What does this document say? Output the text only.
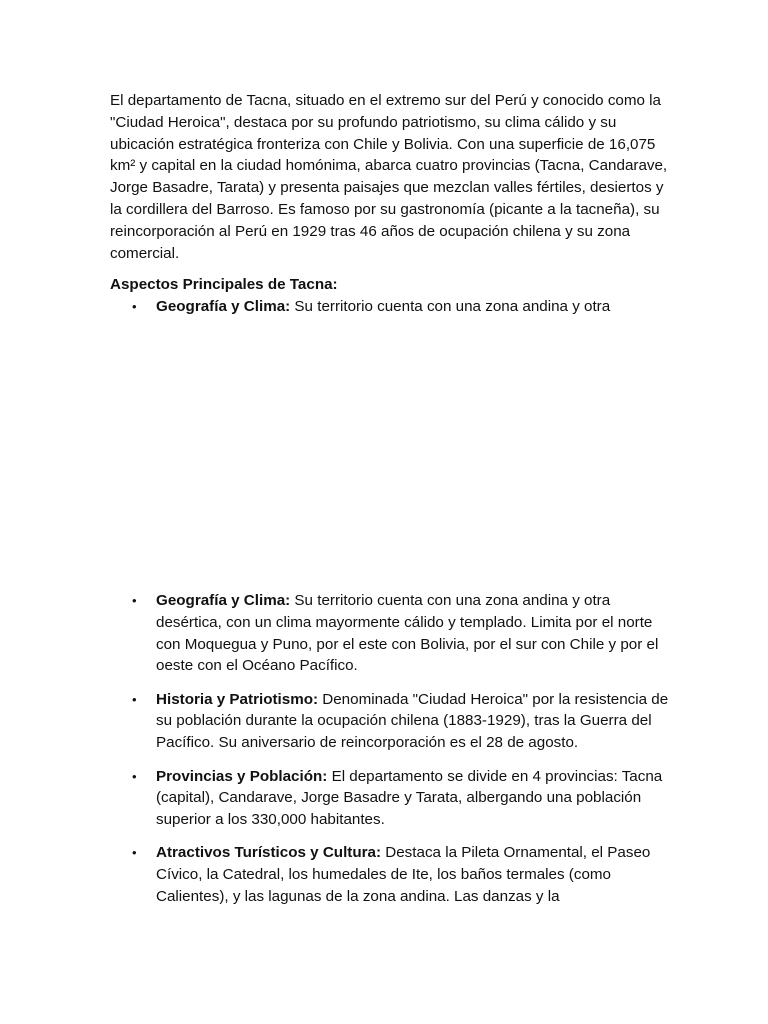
El departamento de Tacna, situado en el extremo sur del Perú y conocido como la "Ciudad Heroica", destaca por su profundo patriotismo, su clima cálido y su ubicación estratégica fronteriza con Chile y Bolivia. Con una superficie de 16,075 km² y capital en la ciudad homónima, abarca cuatro provincias (Tacna, Candarave, Jorge Basadre, Tarata) y presenta paisajes que mezclan valles fértiles, desiertos y la cordillera del Barroso. Es famoso por su gastronomía (picante a la tacneña), su reincorporación al Perú en 1929 tras 46 años de ocupación chilena y su zona comercial.

Aspectos Principales de Tacna:

• Geografía y Clima: Su territorio cuenta con una zona andina y otra
• Geografía y Clima: Su territorio cuenta con una zona andina y otra desértica, con un clima mayormente cálido y templado. Limita por el norte con Moquegua y Puno, por el este con Bolivia, por el sur con Chile y por el oeste con el Océano Pacífico.
• Historia y Patriotismo: Denominada "Ciudad Heroica" por la resistencia de su población durante la ocupación chilena (1883-1929), tras la Guerra del Pacífico. Su aniversario de reincorporación es el 28 de agosto.
• Provincias y Población: El departamento se divide en 4 provincias: Tacna (capital), Candarave, Jorge Basadre y Tarata, albergando una población superior a los 330,000 habitantes.
• Atractivos Turísticos y Cultura: Destaca la Pileta Ornamental, el Paseo Cívico, la Catedral, los humedales de Ite, los baños termales (como Calientes), y las lagunas de la zona andina. Las danzas y la
